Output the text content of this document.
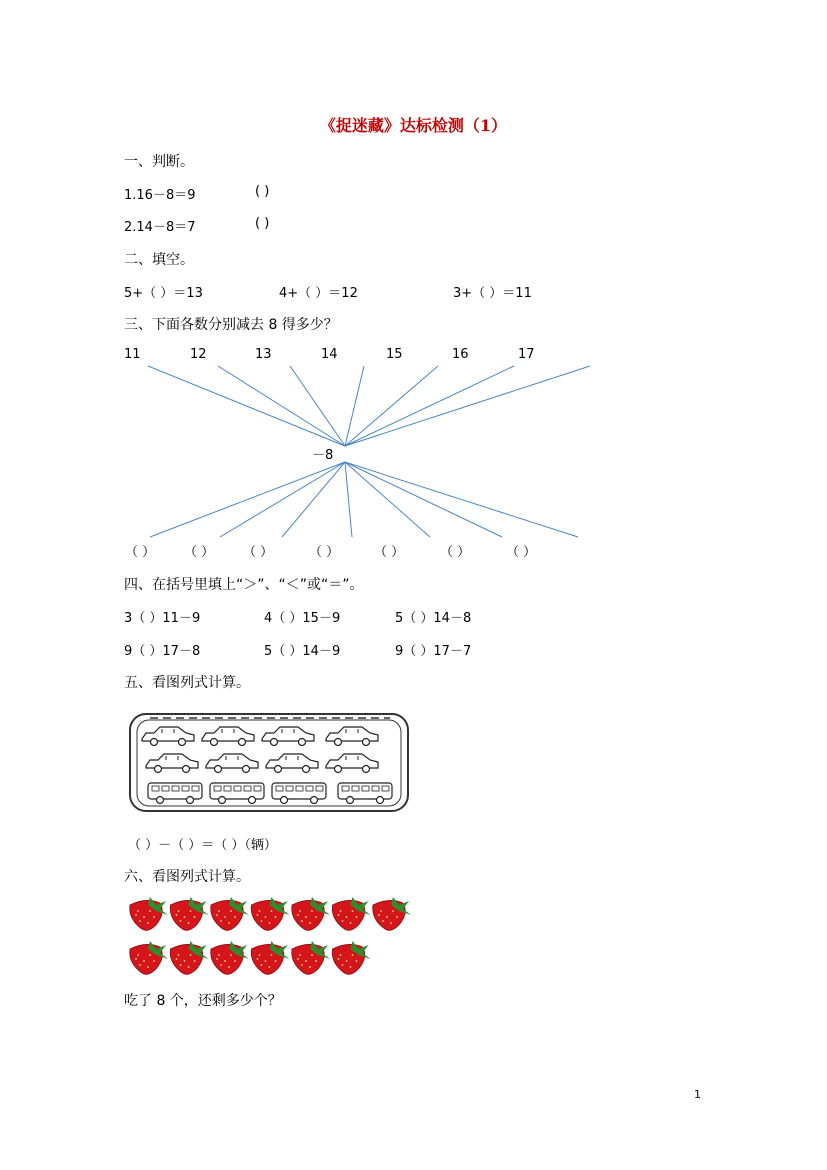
《捉迷藏》达标检测（1）
一、判断。
1.16－8＝9	( )
2.14－8＝7	( )
二、填空。
5+（ ）＝13	4+（ ）＝12	3+（ ）＝11
三、下面各数分别减去 8 得多少？
11	12	13	14	15	16	17
－8
（ ） （ ） （ ）	（ ）	（ ）	（ ）	（ ）
四、在括号里填上“＞”、“＜”或“＝”。
3（ ）11－9	4（ ）15－9	5（ ）14－8
9（ ）17－8	5（ ）14－9	9（ ）17－7
五、看图列式计算。
（ ）－（ ）＝（ ）（辆）
六、看图列式计算。
吃了 8 个，还剩多少个？
1
